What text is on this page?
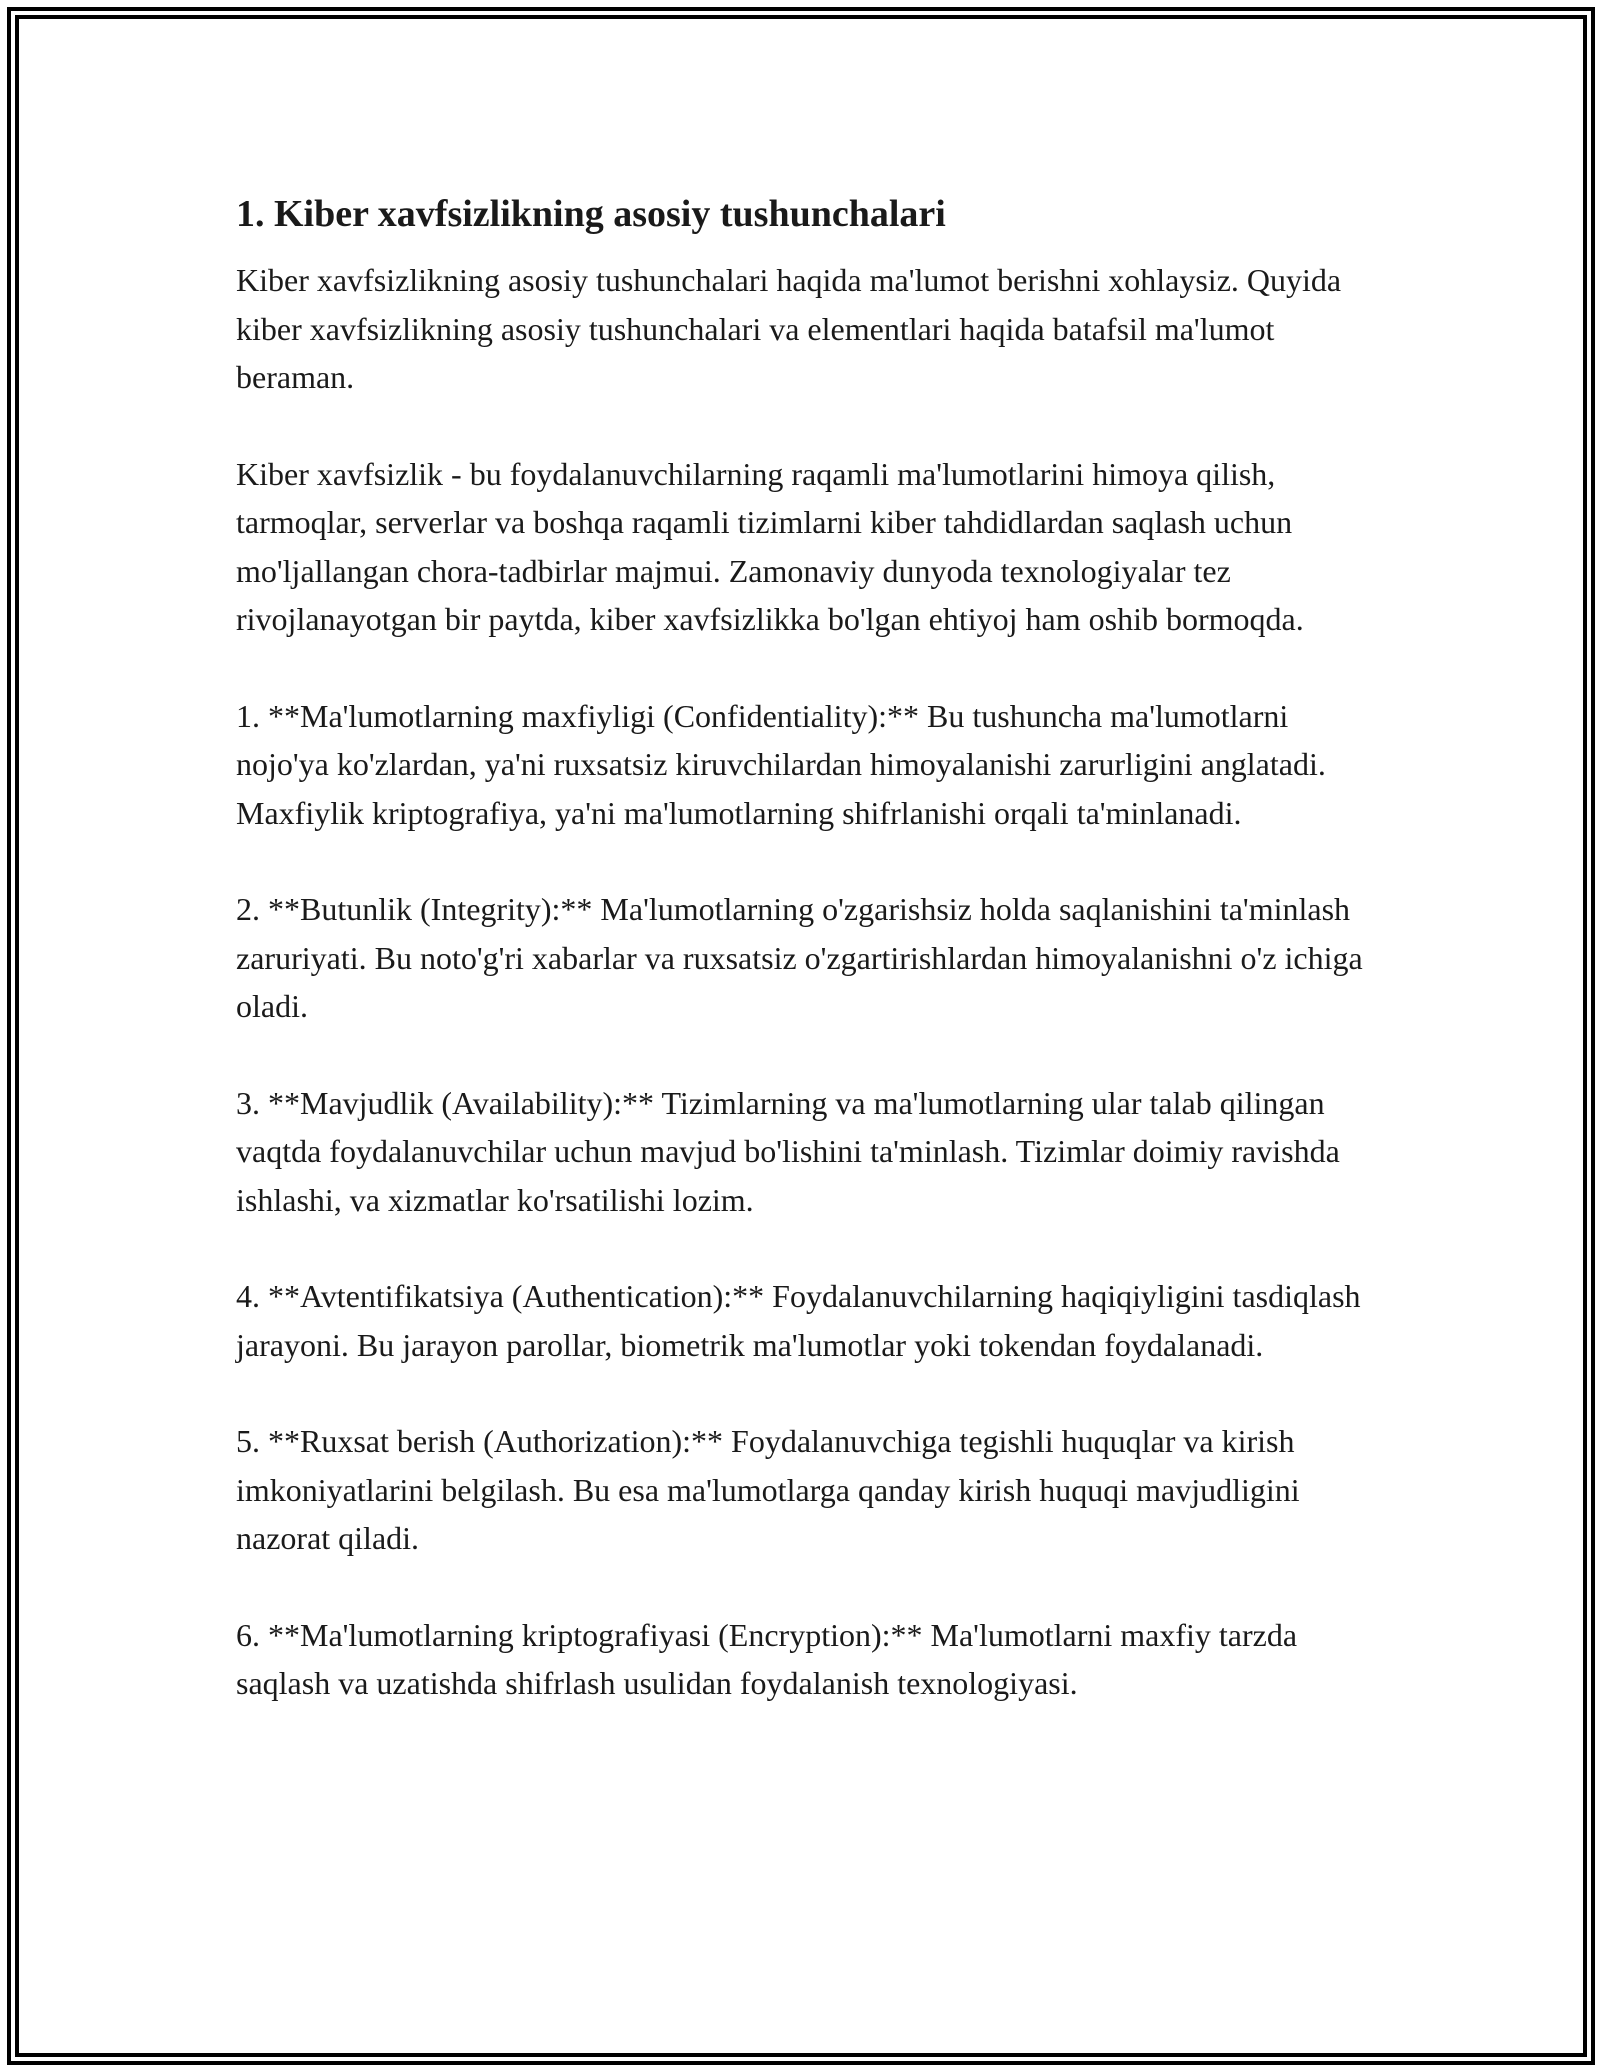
1. Kiber xavfsizlikning asosiy tushunchalari

Kiber xavfsizlikning asosiy tushunchalari haqida ma'lumot berishni xohlaysiz. Quyida kiber xavfsizlikning asosiy tushunchalari va elementlari haqida batafsil ma'lumot beraman.

Kiber xavfsizlik - bu foydalanuvchilarning raqamli ma'lumotlarini himoya qilish, tarmoqlar, serverlar va boshqa raqamli tizimlarni kiber tahdidlardan saqlash uchun mo'ljallangan chora-tadbirlar majmui. Zamonaviy dunyoda texnologiyalar tez rivojlanayotgan bir paytda, kiber xavfsizlikka bo'lgan ehtiyoj ham oshib bormoqda.

1. **Ma'lumotlarning maxfiyligi (Confidentiality):** Bu tushuncha ma'lumotlarni nojo'ya ko'zlardan, ya'ni ruxsatsiz kiruvchilardan himoyalanishi zarurligini anglatadi. Maxfiylik kriptografiya, ya'ni ma'lumotlarning shifrlanishi orqali ta'minlanadi.

2. **Butunlik (Integrity):** Ma'lumotlarning o'zgarishsiz holda saqlanishini ta'minlash zaruriyati. Bu noto'g'ri xabarlar va ruxsatsiz o'zgartirishlardan himoyalanishni o'z ichiga oladi.

3. **Mavjudlik (Availability):** Tizimlarning va ma'lumotlarning ular talab qilingan vaqtda foydalanuvchilar uchun mavjud bo'lishini ta'minlash. Tizimlar doimiy ravishda ishlashi, va xizmatlar ko'rsatilishi lozim.

4. **Avtentifikatsiya (Authentication):** Foydalanuvchilarning haqiqiyligini tasdiqlash jarayoni. Bu jarayon parollar, biometrik ma'lumotlar yoki tokendan foydalanadi.

5. **Ruxsat berish (Authorization):** Foydalanuvchiga tegishli huquqlar va kirish imkoniyatlarini belgilash. Bu esa ma'lumotlarga qanday kirish huquqi mavjudligini nazorat qiladi.

6. **Ma'lumotlarning kriptografiyasi (Encryption):** Ma'lumotlarni maxfiy tarzda saqlash va uzatishda shifrlash usulidan foydalanish texnologiyasi.
